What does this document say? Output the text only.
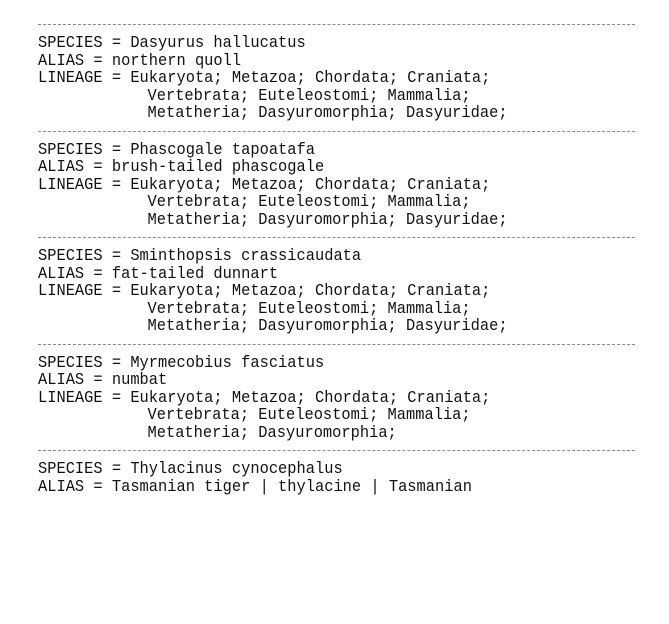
SPECIES = Dasyurus hallucatus
ALIAS = northern quoll
LINEAGE = Eukaryota; Metazoa; Chordata; Craniata;
Vertebrata; Euteleostomi; Mammalia;
Metatheria; Dasyuromorphia; Dasyuridae;
SPECIES = Phascogale tapoatafa
ALIAS = brush-tailed phascogale
LINEAGE = Eukaryota; Metazoa; Chordata; Craniata;
Vertebrata; Euteleostomi; Mammalia;
Metatheria; Dasyuromorphia; Dasyuridae;
SPECIES = Sminthopsis crassicaudata
ALIAS = fat-tailed dunnart
LINEAGE = Eukaryota; Metazoa; Chordata; Craniata;
Vertebrata; Euteleostomi; Mammalia;
Metatheria; Dasyuromorphia; Dasyuridae;
SPECIES = Myrmecobius fasciatus
ALIAS = numbat
LINEAGE = Eukaryota; Metazoa; Chordata; Craniata;
Vertebrata; Euteleostomi; Mammalia;
Metatheria; Dasyuromorphia;
SPECIES = Thylacinus cynocephalus
ALIAS = Tasmanian tiger | thylacine | Tasmanian
